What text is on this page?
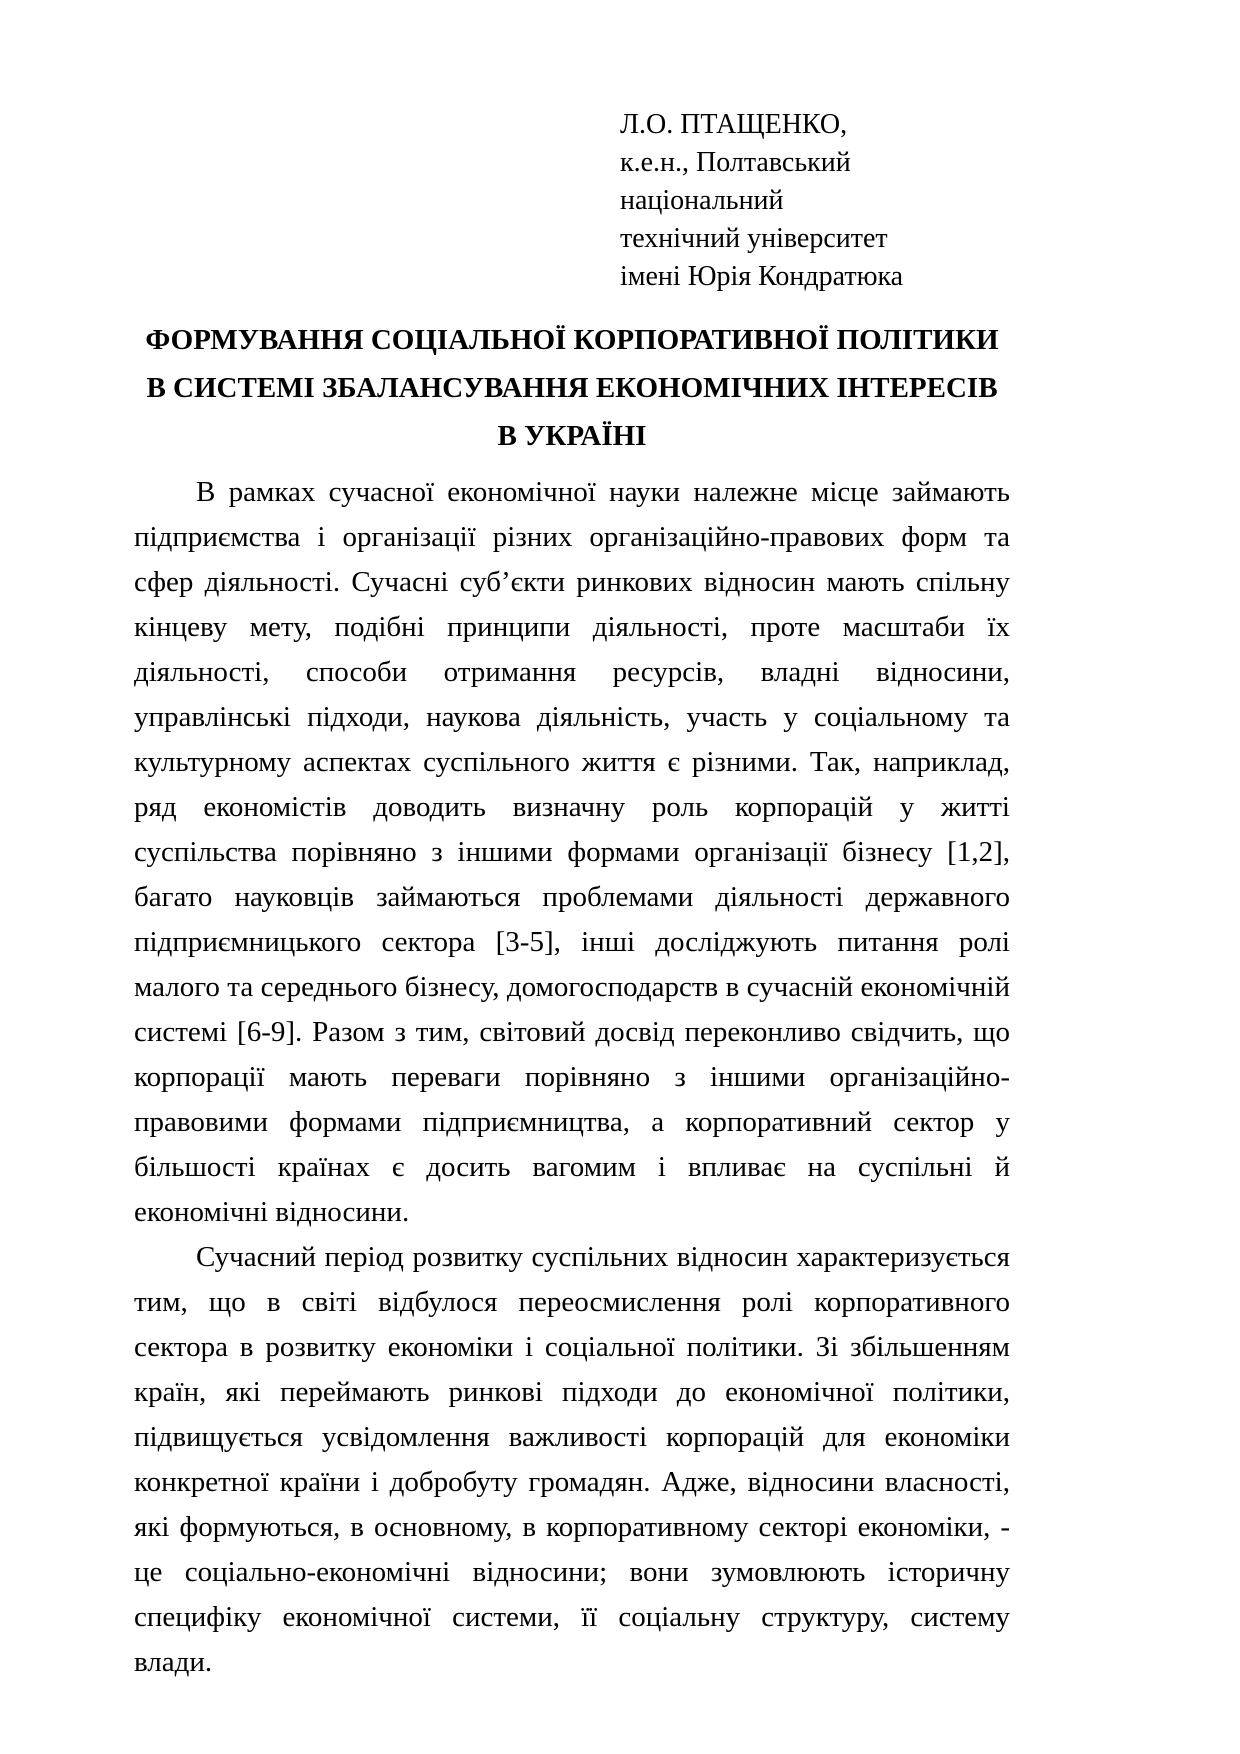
Л.О. ПТАЩЕНКО,
к.е.н., Полтавський національний
технічний університет
імені Юрія Кондратюка
ФОРМУВАННЯ СОЦІАЛЬНОЇ КОРПОРАТИВНОЇ ПОЛІТИКИ
В СИСТЕМІ ЗБАЛАНСУВАННЯ ЕКОНОМІЧНИХ ІНТЕРЕСІВ
В УКРАЇНІ

В рамках сучасної економічної науки належне місце займають підприємства і організації різних організаційно-правових форм та сфер діяльності. Сучасні суб’єкти ринкових відносин мають спільну кінцеву мету, подібні принципи діяльності, проте масштаби їх діяльності, способи отримання ресурсів, владні відносини, управлінські підходи, наукова діяльність, участь у соціальному та культурному аспектах суспільного життя є різними. Так, наприклад, ряд економістів доводить визначну роль корпорацій у житті суспільства порівняно з іншими формами організації бізнесу [1,2], багато науковців займаються проблемами діяльності державного підприємницького сектора [3-5], інші досліджують питання ролі малого та середнього бізнесу, домогосподарств в сучасній економічній системі [6-9]. Разом з тим, світовий досвід переконливо свідчить, що корпорації мають переваги порівняно з іншими організаційно-правовими формами підприємництва, а корпоративний сектор у більшості країнах є досить вагомим і впливає на суспільні й економічні відносини.

Сучасний період розвитку суспільних відносин характеризується тим, що в світі відбулося переосмислення ролі корпоративного сектора в розвитку економіки і соціальної політики. Зі збільшенням країн, які переймають ринкові підходи до економічної політики, підвищується усвідомлення важливості корпорацій для економіки конкретної країни і добробуту громадян. Адже, відносини власності, які формуються, в основному, в корпоративному секторі економіки, - це соціально-економічні відносини; вони зумовлюють історичну специфіку економічної системи, її соціальну структуру, систему влади.
